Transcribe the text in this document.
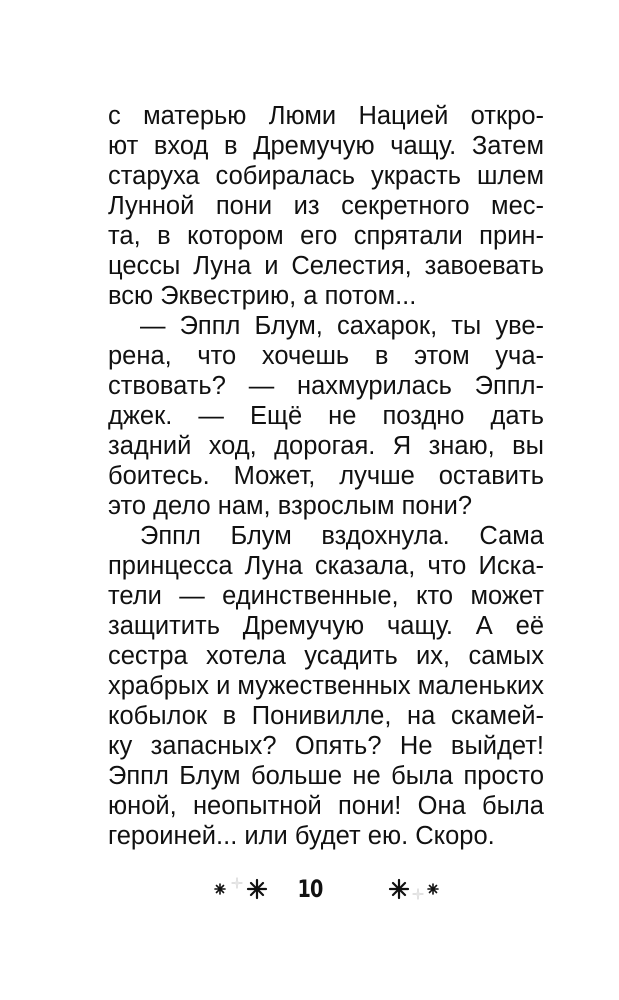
с матерью Люми Нацией откро-
ют вход в Дремучую чащу. Затем
старуха собиралась украсть шлем
Лунной пони из секретного мес-
та, в котором его спрятали прин-
цессы Луна и Селестия, завоевать
всю Эквестрию, а потом...
— Эппл Блум, сахарок, ты уве-
рена, что хочешь в этом уча-
ствовать? — нахмурилась Эппл-
джек. — Ещё не поздно дать
задний ход, дорогая. Я знаю, вы
боитесь. Может, лучше оставить
это дело нам, взрослым пони?
Эппл Блум вздохнула. Сама
принцесса Луна сказала, что Иска-
тели — единственные, кто может
защитить Дремучую чащу. А её
сестра хотела усадить их, самых
храбрых и мужественных маленьких
кобылок в Понивилле, на скамей-
ку запасных? Опять? Не выйдет!
Эппл Блум больше не была просто
юной, неопытной пони! Она была
героиней... или будет ею. Скоро.
10
